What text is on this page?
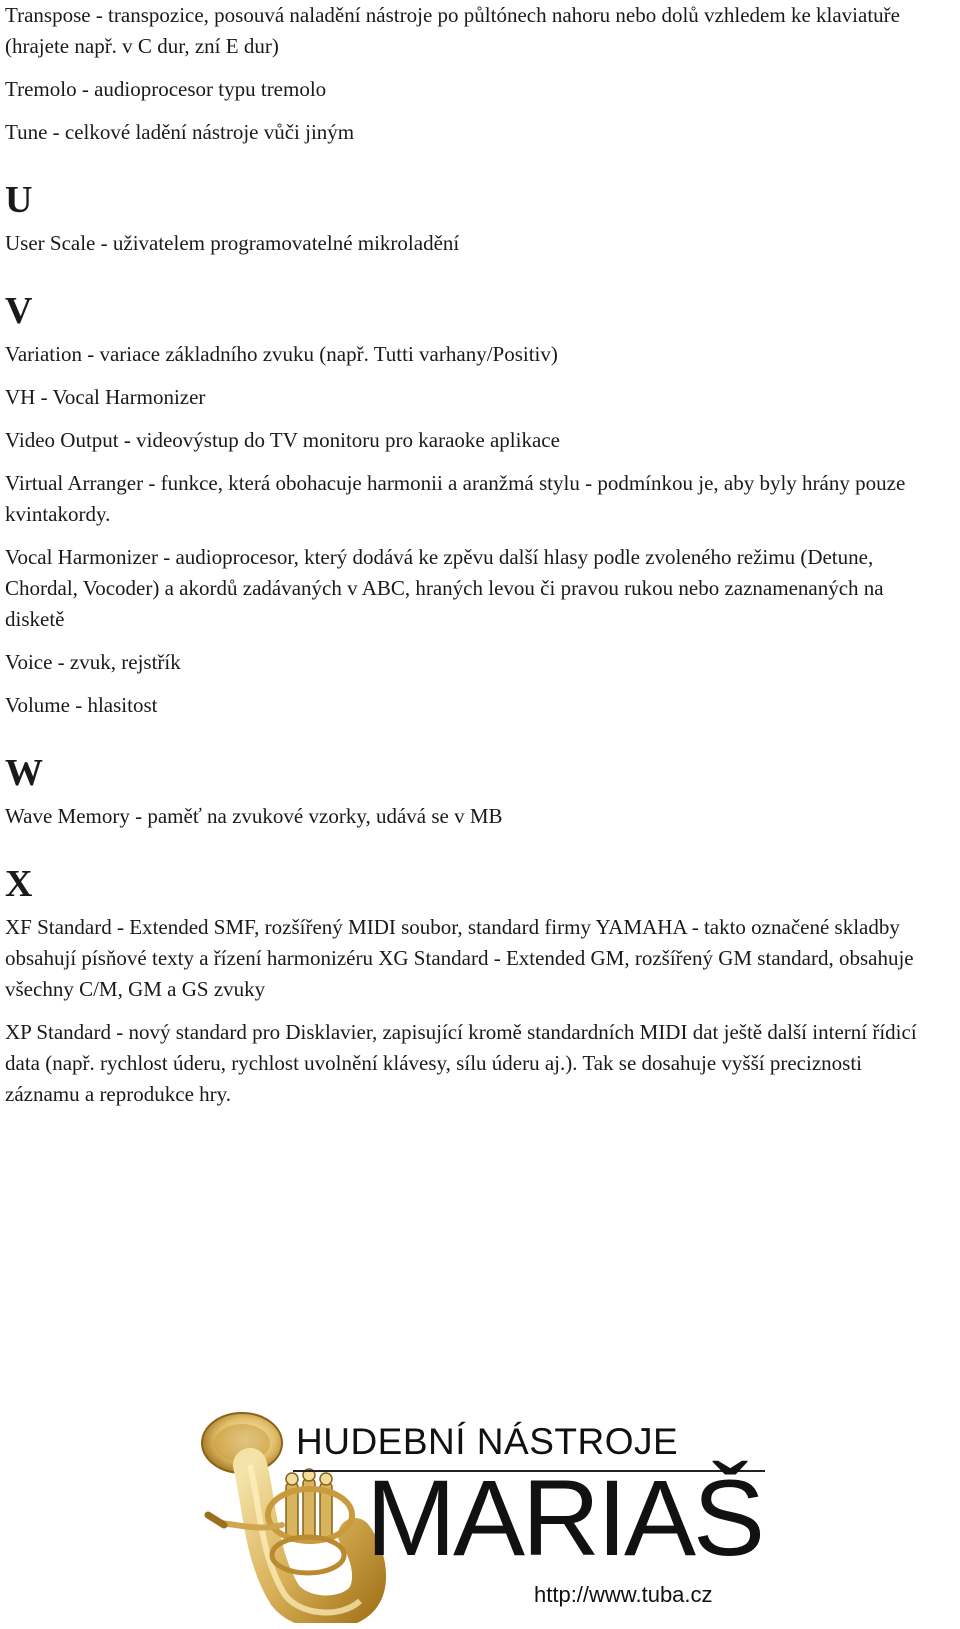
Transpose - transpozice, posouvá naladění nástroje po půltónech nahoru nebo dolů vzhledem ke klaviatuře (hrajete např. v C dur, zní E dur)

Tremolo - audioprocesor typu tremolo

Tune - celkové ladění nástroje vůči jiným

U

User Scale - uživatelem programovatelné mikroladění

V

Variation - variace základního zvuku (např. Tutti varhany/Positiv)

VH - Vocal Harmonizer

Video Output - videovýstup do TV monitoru pro karaoke aplikace

Virtual Arranger - funkce, která obohacuje harmonii a aranžmá stylu - podmínkou je, aby byly hrány pouze kvintakordy.

Vocal Harmonizer - audioprocesor, který dodává ke zpěvu další hlasy podle zvoleného režimu (Detune, Chordal, Vocoder) a akordů zadávaných v ABC, hraných levou či pravou rukou nebo zaznamenaných na disketě

Voice - zvuk, rejstřík

Volume - hlasitost

W

Wave Memory - paměť na zvukové vzorky, udává se v MB

X

XF Standard - Extended SMF, rozšířený MIDI soubor, standard firmy YAMAHA - takto označené skladby obsahují písňové texty a řízení harmonizéru XG Standard - Extended GM, rozšířený GM standard, obsahuje všechny C/M, GM a GS zvuky

XP Standard - nový standard pro Disklavier, zapisující kromě standardních MIDI dat ještě další interní řídicí data (např. rychlost úderu, rychlost uvolnění klávesy, sílu úderu aj.). Tak se dosahuje vyšší preciznosti záznamu a reprodukce hry.

HUDEBNÍ NÁSTROJE
MARIAŠ
http://www.tuba.cz
